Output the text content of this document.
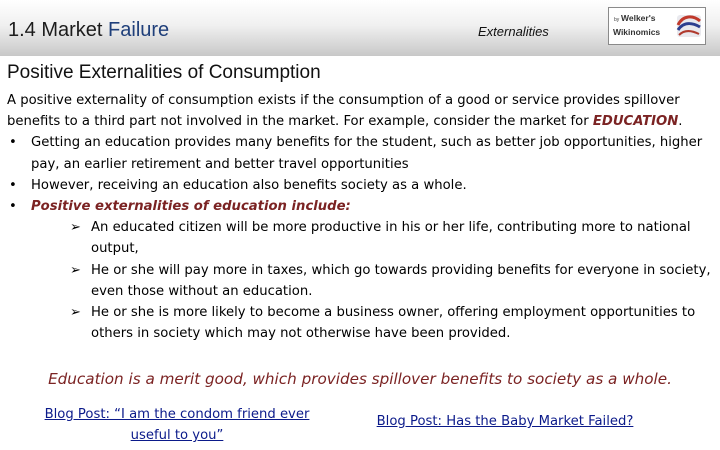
1.4 Market Failure	Externalities
by Welker's
Wikinomics
Positive Externalities of Consumption

A positive externality of consumption exists if the consumption of a good or service provides spillover benefits to a third part not involved in the market. For example, consider the market for EDUCATION.

• Getting an education provides many benefits for the student, such as better job opportunities, higher pay, an earlier retirement and better travel opportunities
• However, receiving an education also benefits society as a whole.
• Positive externalities of education include:
➢ An educated citizen will be more productive in his or her life, contributing more to national output,
➢ He or she will pay more in taxes, which go towards providing benefits for everyone in society, even those without an education.
➢ He or she is more likely to become a business owner, offering employment opportunities to others in society which may not otherwise have been provided.
Education is a merit good, which provides spillover benefits to society as a whole.
Blog Post: “I am the condom friend ever useful to you”
Blog Post: Has the Baby Market Failed?
